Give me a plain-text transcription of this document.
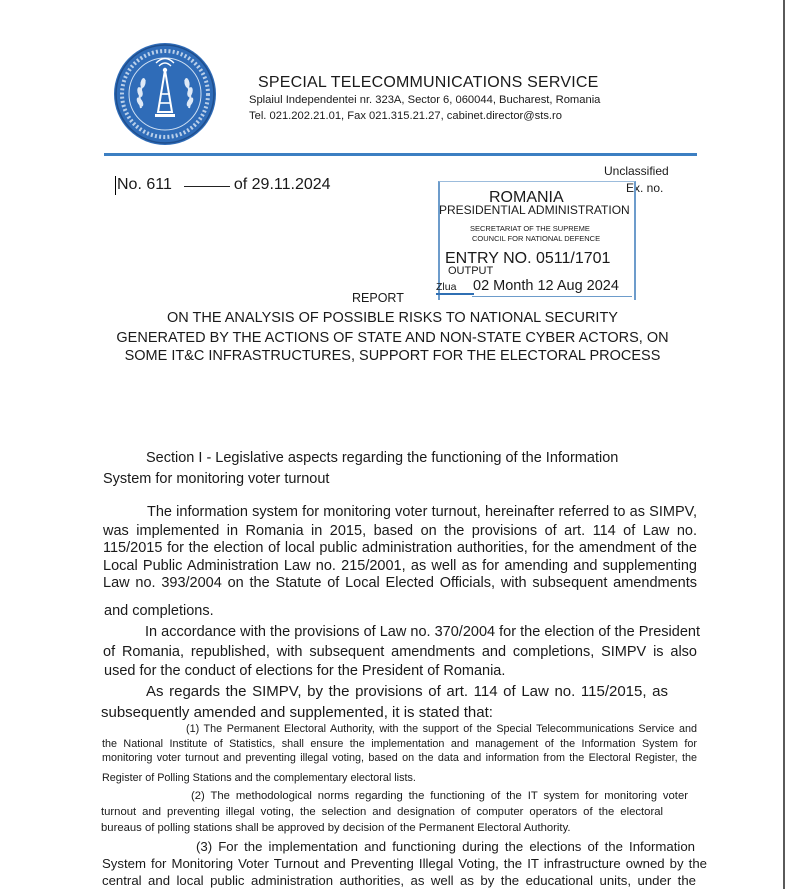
SPECIAL TELECOMMUNICATIONS SERVICE
Splaiul Independentei nr. 323A, Sector 6, 060044, Bucharest, Romania
Tel. 021.202.21.01, Fax 021.315.21.27, cabinet.director@sts.ro
No. 611	of 29.11.2024
Unclassified
Ex. no.
ROMANIA
PRESIDENTIAL ADMINISTRATION
SECRETARIAT OF THE SUPREME
COUNCIL FOR NATIONAL DEFENCE
ENTRY NO. 0511/1701
OUTPUT
Zlua 02 Month 12 Aug 2024
REPORT
ON THE ANALYSIS OF POSSIBLE RISKS TO NATIONAL SECURITY
GENERATED BY THE ACTIONS OF STATE AND NON-STATE CYBER ACTORS, ON
SOME IT&C INFRASTRUCTURES, SUPPORT FOR THE ELECTORAL PROCESS
Section I - Legislative aspects regarding the functioning of the Information
System for monitoring voter turnout
The information system for monitoring voter turnout, hereinafter referred to as SIMPV,
was implemented in Romania in 2015, based on the provisions of art. 114 of Law no.
115/2015 for the election of local public administration authorities, for the amendment of the
Local Public Administration Law no. 215/2001, as well as for amending and supplementing
Law no. 393/2004 on the Statute of Local Elected Officials, with subsequent amendments
and completions.
In accordance with the provisions of Law no. 370/2004 for the election of the President
of Romania, republished, with subsequent amendments and completions, SIMPV is also
used for the conduct of elections for the President of Romania.
As regards the SIMPV, by the provisions of art. 114 of Law no. 115/2015, as
subsequently amended and supplemented, it is stated that:
(1) The Permanent Electoral Authority, with the support of the Special Telecommunications Service and
the National Institute of Statistics, shall ensure the implementation and management of the Information System for
monitoring voter turnout and preventing illegal voting, based on the data and information from the Electoral Register, the
Register of Polling Stations and the complementary electoral lists.
(2) The methodological norms regarding the functioning of the IT system for monitoring voter
turnout and preventing illegal voting, the selection and designation of computer operators of the electoral
bureaus of polling stations shall be approved by decision of the Permanent Electoral Authority.
(3) For the implementation and functioning during the elections of the Information
System for Monitoring Voter Turnout and Preventing Illegal Voting, the IT infrastructure owned by the
central and local public administration authorities, as well as by the educational units, under the
